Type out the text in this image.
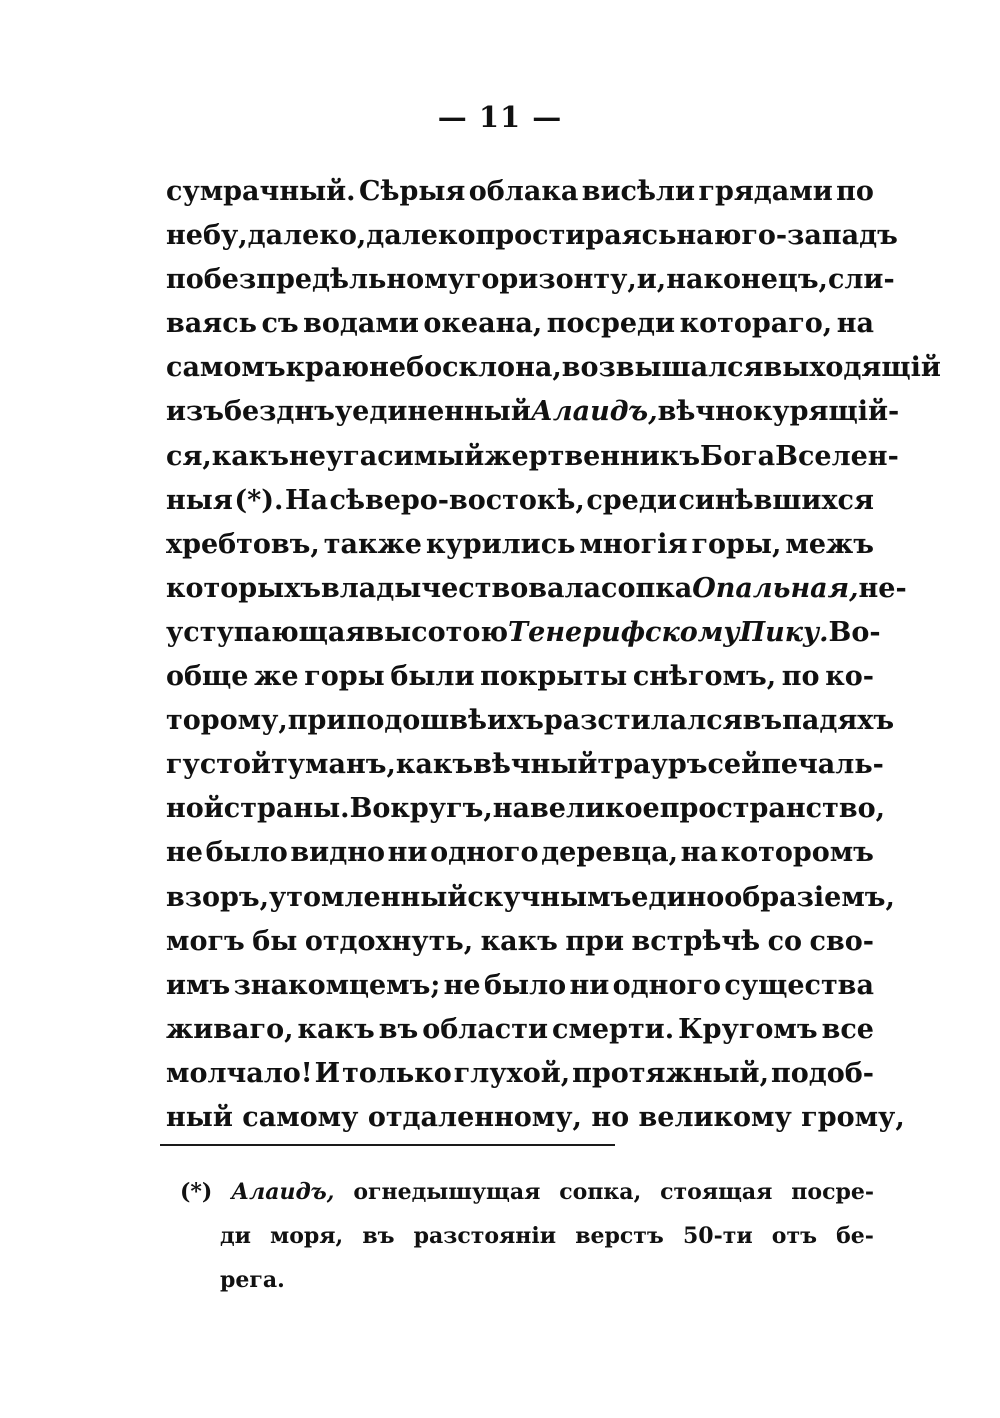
— 11 —
сумрачный. Сѣрыя облака висѣли грядами по
небу, далеко, далеко простираясь на юго-западъ
по безпредѣльному горизонту, и, наконецъ, сли-
ваясь съ водами океана, посреди котораго, на
самомъ краю небосклона, возвышался выходящій
изъ безднъ уединенный Алаидъ, вѣчно курящій-
ся, какъ неугасимый жертвенникъ Бога Вселен-
ныя (*). На сѣверо-востокѣ, среди синѣвшихся
хребтовъ, также курились многія горы, межъ
которыхъ владычествовала сопка Опальная, не-
уступающая высотою Тенерифскому Пику. Во-
обще же горы были покрыты снѣгомъ, по ко-
торому, при подошвѣ ихъ разстилался въ падяхъ
густой туманъ, какъ вѣчный трауръ сей печаль-
ной страны. Вокругъ, на великое пространство,
не было видно ни одного деревца, на которомъ
взоръ, утомленный скучнымъ единообразіемъ,
могъ бы отдохнуть, какъ при встрѣчѣ со сво-
имъ знакомцемъ; не было ни одного существа
живаго, какъ въ области смерти. Кругомъ все
молчало! И только глухой, протяжный, подоб-
ный самому отдаленному, но великому грому,
(*) Алаидъ, огнедышущая сопка, стоящая посре-
ди моря, въ разстояніи верстъ 50-ти отъ бе-
рега.
